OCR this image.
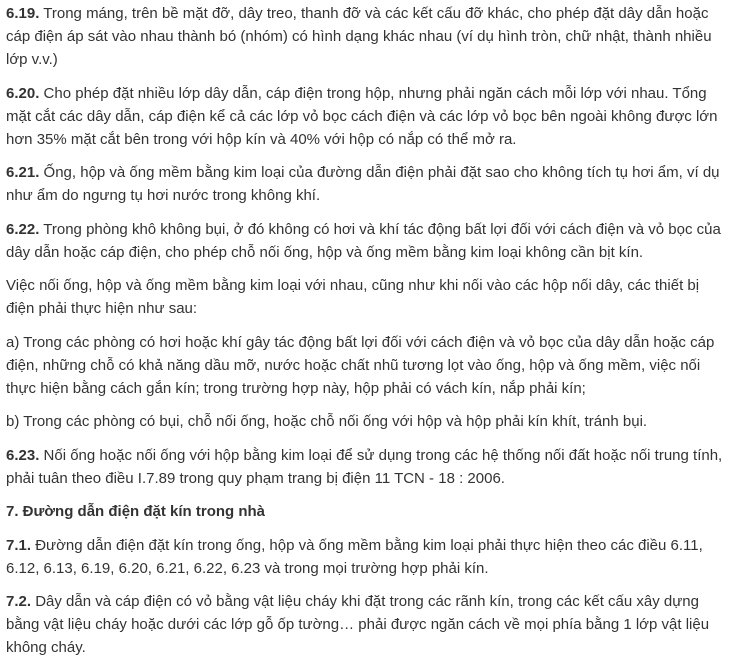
6.19. Trong máng, trên bề mặt đỡ, dây treo, thanh đỡ và các kết cấu đỡ khác, cho phép đặt dây dẫn hoặc cáp điện áp sát vào nhau thành bó (nhóm) có hình dạng khác nhau (ví dụ hình tròn, chữ nhật, thành nhiều lớp v.v.)

6.20. Cho phép đặt nhiều lớp dây dẫn, cáp điện trong hộp, nhưng phải ngăn cách mỗi lớp với nhau. Tổng mặt cắt các dây dẫn, cáp điện kể cả các lớp vỏ bọc cách điện và các lớp vỏ bọc bên ngoài không được lớn hơn 35% mặt cắt bên trong với hộp kín và 40% với hộp có nắp có thể mở ra.

6.21. Ống, hộp và ống mềm bằng kim loại của đường dẫn điện phải đặt sao cho không tích tụ hơi ẩm, ví dụ như ẩm do ngưng tụ hơi nước trong không khí.

6.22. Trong phòng khô không bụi, ở đó không có hơi và khí tác động bất lợi đối với cách điện và vỏ bọc của dây dẫn hoặc cáp điện, cho phép chỗ nối ống, hộp và ống mềm bằng kim loại không cần bịt kín.

Việc nối ống, hộp và ống mềm bằng kim loại với nhau, cũng như khi nối vào các hộp nối dây, các thiết bị điện phải thực hiện như sau:

a) Trong các phòng có hơi hoặc khí gây tác động bất lợi đối với cách điện và vỏ bọc của dây dẫn hoặc cáp điện, những chỗ có khả năng dầu mỡ, nước hoặc chất nhũ tương lọt vào ống, hộp và ống mềm, việc nối thực hiện bằng cách gắn kín; trong trường hợp này, hộp phải có vách kín, nắp phải kín;

b) Trong các phòng có bụi, chỗ nối ống, hoặc chỗ nối ống với hộp và hộp phải kín khít, tránh bụi.

6.23. Nối ống hoặc nối ống với hộp bằng kim loại để sử dụng trong các hệ thống nối đất hoặc nối trung tính, phải tuân theo điều I.7.89 trong quy phạm trang bị điện 11 TCN - 18 : 2006.

7. Đường dẫn điện đặt kín trong nhà

7.1. Đường dẫn điện đặt kín trong ống, hộp và ống mềm bằng kim loại phải thực hiện theo các điều 6.11, 6.12, 6.13, 6.19, 6.20, 6.21, 6.22, 6.23 và trong mọi trường hợp phải kín.

7.2. Dây dẫn và cáp điện có vỏ bằng vật liệu cháy khi đặt trong các rãnh kín, trong các kết cấu xây dựng bằng vật liệu cháy hoặc dưới các lớp gỗ ốp tường… phải được ngăn cách về mọi phía bằng 1 lớp vật liệu không cháy.
